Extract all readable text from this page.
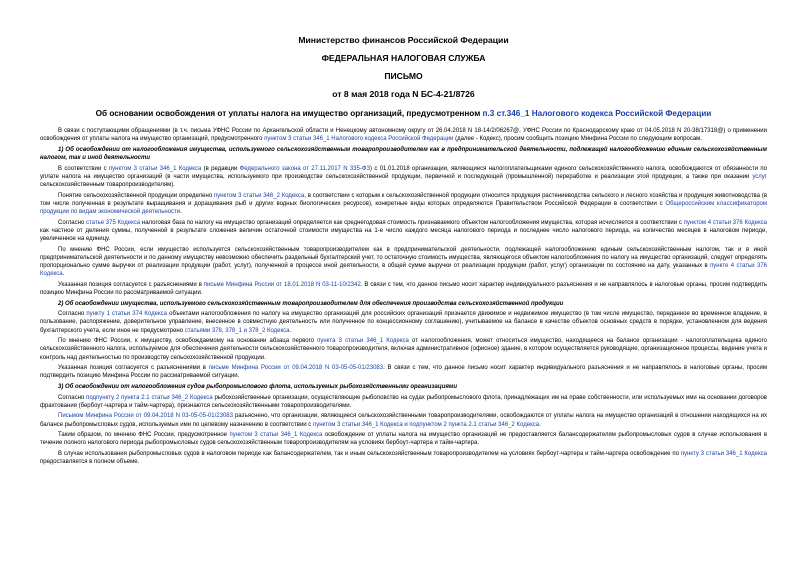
Министерство финансов Российской Федерации
ФЕДЕРАЛЬНАЯ НАЛОГОВАЯ СЛУЖБА
ПИСЬМО
от 8 мая 2018 года N БС-4-21/8726
Об основании освобождения от уплаты налога на имущество организаций, предусмотренном п.3 ст.346_1 Налогового кодекса Российской Федерации

В связи с поступающими обращениями (в т.ч. письма УФНС России по Архангельской области и Ненецкому автономному округу от 26.04.2018 N 18-14/2/06267@, УФНС России по Краснодарскому краю от 04.05.2018 N 20-38/17318@) о применении освобождения от уплаты налога на имущество организаций, предусмотренного пунктом 3 статьи 346_1 Налогового кодекса Российской Федерации (далее - Кодекс), просим сообщить позицию Минфина России по следующим вопросам.

1) Об освобождении от налогообложения имущества, используемого сельскохозяйственным товаропроизводителем как в предпринимательской деятельности, подлежащей налогообложению единым сельскохозяйственным налогом, так и иной деятельности

В соответствии с пунктом 3 статьи 346_1 Кодекса (в редакции Федерального закона от 27.11.2017 N 335-ФЗ) с 01.01.2018 организации, являющиеся налогоплательщиками единого сельскохозяйственного налога, освобождаются от обязанности по уплате налога на имущество организаций (в части имущества, используемого при производстве сельскохозяйственной продукции, первичной и последующей (промышленной) переработке и реализации этой продукции, а также при оказании услуг сельскохозяйственным товаропроизводителям).

Понятие сельскохозяйственной продукции определено пунктом 3 статьи 346_2 Кодекса, в соответствии с которым к сельскохозяйственной продукции относится продукция растениеводства сельского и лесного хозяйства и продукция животноводства (в том числе полученная в результате выращивания и доращивания рыб и других водных биологических ресурсов), конкретные виды которых определяются Правительством Российской Федерации в соответствии с Общероссийским классификатором продукции по видам экономической деятельности.

Согласно статье 375 Кодекса налоговая база по налогу на имущество организаций определяется как среднегодовая стоимость признаваемого объектом налогообложения имущества, которая исчисляется в соответствии с пунктом 4 статьи 376 Кодекса как частное от деления суммы, полученной в результате сложения величин остаточной стоимости имущества на 1-е число каждого месяца налогового периода и последнее число налогового периода, на количество месяцев в налоговом периоде, увеличенное на единицу.

По мнению ФНС России, если имущество используется сельскохозяйственным товаропроизводителем как в предпринимательской деятельности, подлежащей налогообложению единым сельскохозяйственным налогом, так и в иной предпринимательской деятельности и по данному имуществу невозможно обеспечить раздельный бухгалтерский учет, то остаточную стоимость имущества, являющегося объектом налогообложения по налогу на имущество организаций, следует определять пропорционально сумме выручки от реализации продукции (работ, услуг), полученной в процессе иной деятельности, в общей сумме выручки от реализации продукции (работ, услуг) организации по состоянию на дату, указанных в пункте 4 статьи 376 Кодекса.

Указанная позиция согласуется с разъяснениями в письме Минфина России от 18.01.2018 N 03-11-10/2342. В связи с тем, что данное письмо носит характер индивидуального разъяснения и не направлялось в налоговые органы, просим подтвердить позицию Минфина России по рассматриваемой ситуации.

2) Об освобождении имущества, используемого сельскохозяйственным товаропроизводителем для обеспечения производства сельскохозяйственной продукции

Согласно пункту 1 статьи 374 Кодекса объектами налогообложения по налогу на имущество организаций для российских организаций признается движимое и недвижимое имущество (в том числе имущество, переданное во временное владение, в пользование, распоряжение, доверительное управление, внесенное в совместную деятельность или полученное по концессионному соглашению), учитываемое на балансе в качестве объектов основных средств в порядке, установленном для ведения бухгалтерского учета, если иное не предусмотрено статьями 378, 378_1 и 378_2 Кодекса.

По мнению ФНС России, к имуществу, освобождаемому на основании абзаца первого пункта 3 статьи 346_1 Кодекса от налогообложения, может относиться имущество, находящееся на балансе организации - налогоплательщика единого сельскохозяйственного налога, используемое для обеспечения деятельности сельскохозяйственного товаропроизводителя, включая административное (офисное) здание, в котором осуществляется руководящие, организационное процессы, ведение учета и контроль над деятельностью по производству сельскохозяйственной продукции.

Указанная позиция согласуется с разъяснениями в письме Минфина России от 09.04.2018 N 03-05-05-01/23083. В связи с тем, что данное письмо носит характер индивидуального разъяснения и не направлялось в налоговые органы, просим подтвердить позицию Минфина России по рассматриваемой ситуации.

3) Об освобождении от налогообложения судов рыбопромыслового флота, используемых рыбохозяйственными организациями

Согласно подпункту 2 пункта 2.1 статьи 346_2 Кодекса рыбохозяйственные организации, осуществляющие рыболовство на судах рыбопромыслового флота, принадлежащих им на праве собственности, или используемых ими на основании договоров фрахтования (бербоут-чартера и тайм-чартера), признаются сельскохозяйственными товаропроизводителями.

Письмом Минфина России от 09.04.2018 N 03-05-05-01/23083 разъяснено, что организации, являющиеся сельскохозяйственными товаропроизводителями, освобождаются от уплаты налога на имущество организаций в отношении находящихся на их балансе рыбопромысловых судов, используемых ими по целевому назначению в соответствии с пунктом 3 статьи 346_1 Кодекса и подпунктом 2 пункта 2.1 статьи 346_2 Кодекса.

Таким образом, по мнению ФНС России, предусмотренное пунктом 3 статьи 346_1 Кодекса освобождение от уплаты налога на имущество организаций не предоставляется балансодержателям рыбопромысловых судов в случае использования в течение полного налогового периода рыбопромысловых судов сельскохозяйственным товаропроизводителям на условиях бербоут-чартера и тайм-чартера.

В случае использования рыбопромысловых судов в налоговом периоде как балансодержателем, так и иным сельскохозяйственным товаропроизводителем на условиях бербоут-чартера и тайм-чартера освобождение по пункту 3 статьи 346_1 Кодекса предоставляется в полном объеме.
